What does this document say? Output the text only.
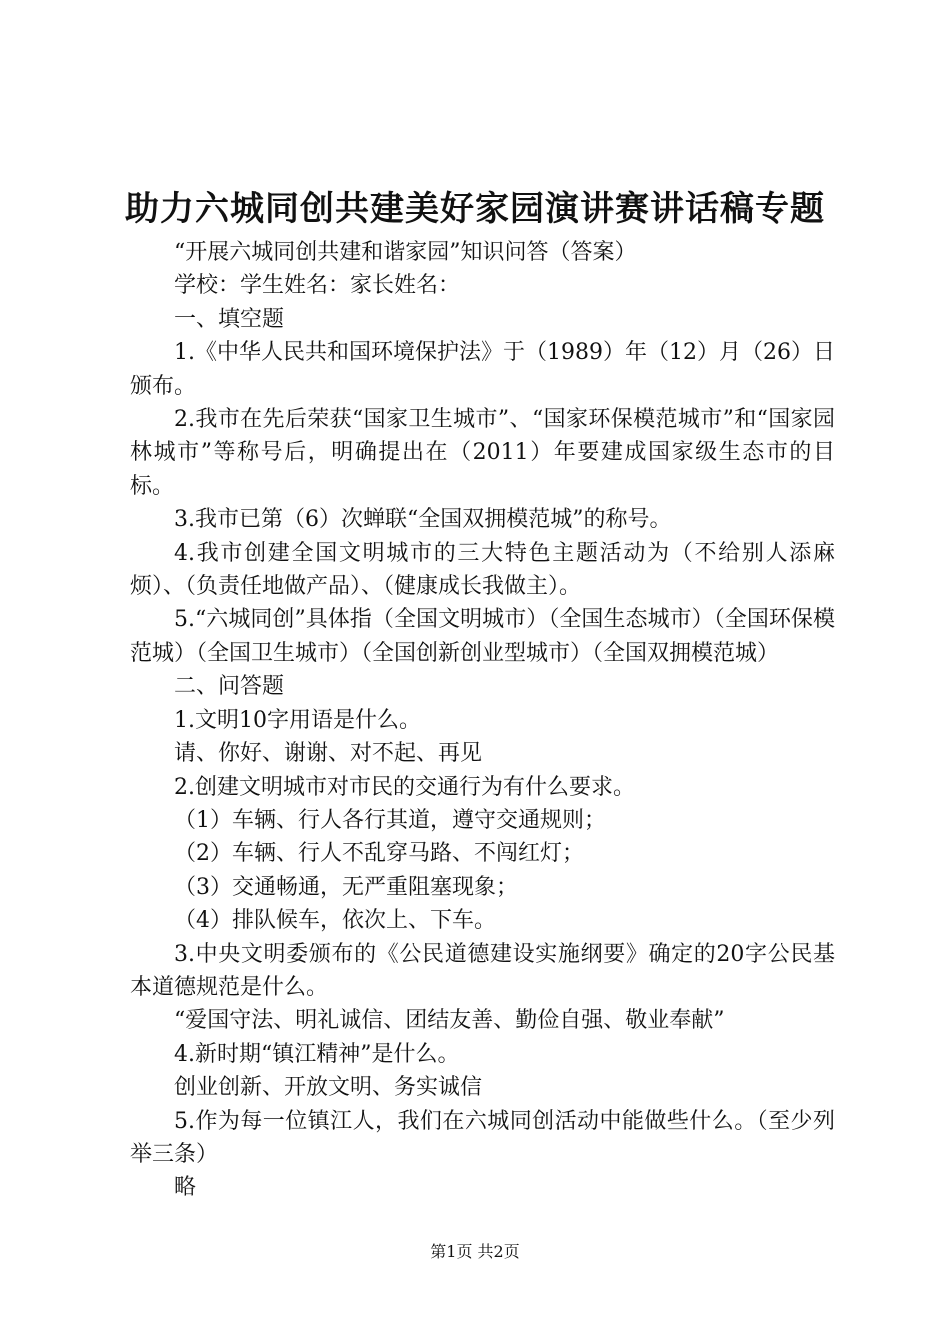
助力六城同创共建美好家园演讲赛讲话稿专题

“开展六城同创共建和谐家园”知识问答（答案）

学校：学生姓名：家长姓名：

一、填空题

1.《中华人民共和国环境保护法》于（1989）年（12）月（26）日颁布。

2.我市在先后荣获“国家卫生城市”、“国家环保模范城市”和“国家园林城市”等称号后，明确提出在（2011）年要建成国家级生态市的目标。

3.我市已第（6）次蝉联“全国双拥模范城”的称号。

4.我市创建全国文明城市的三大特色主题活动为（不给别人添麻烦）、（负责任地做产品）、（健康成长我做主）。

5.“六城同创”具体指（全国文明城市）（全国生态城市）（全国环保模范城）（全国卫生城市）（全国创新创业型城市）（全国双拥模范城）

二、问答题

1.文明10字用语是什么。

请、你好、谢谢、对不起、再见

2.创建文明城市对市民的交通行为有什么要求。

（1）车辆、行人各行其道，遵守交通规则；

（2）车辆、行人不乱穿马路、不闯红灯；

（3）交通畅通，无严重阻塞现象；

（4）排队候车，依次上、下车。

3.中央文明委颁布的《公民道德建设实施纲要》确定的20字公民基本道德规范是什么。

“爱国守法、明礼诚信、团结友善、勤俭自强、敬业奉献”

4.新时期“镇江精神”是什么。

创业创新、开放文明、务实诚信

5.作为每一位镇江人，我们在六城同创活动中能做些什么。（至少列举三条）

略

第1页 共2页
